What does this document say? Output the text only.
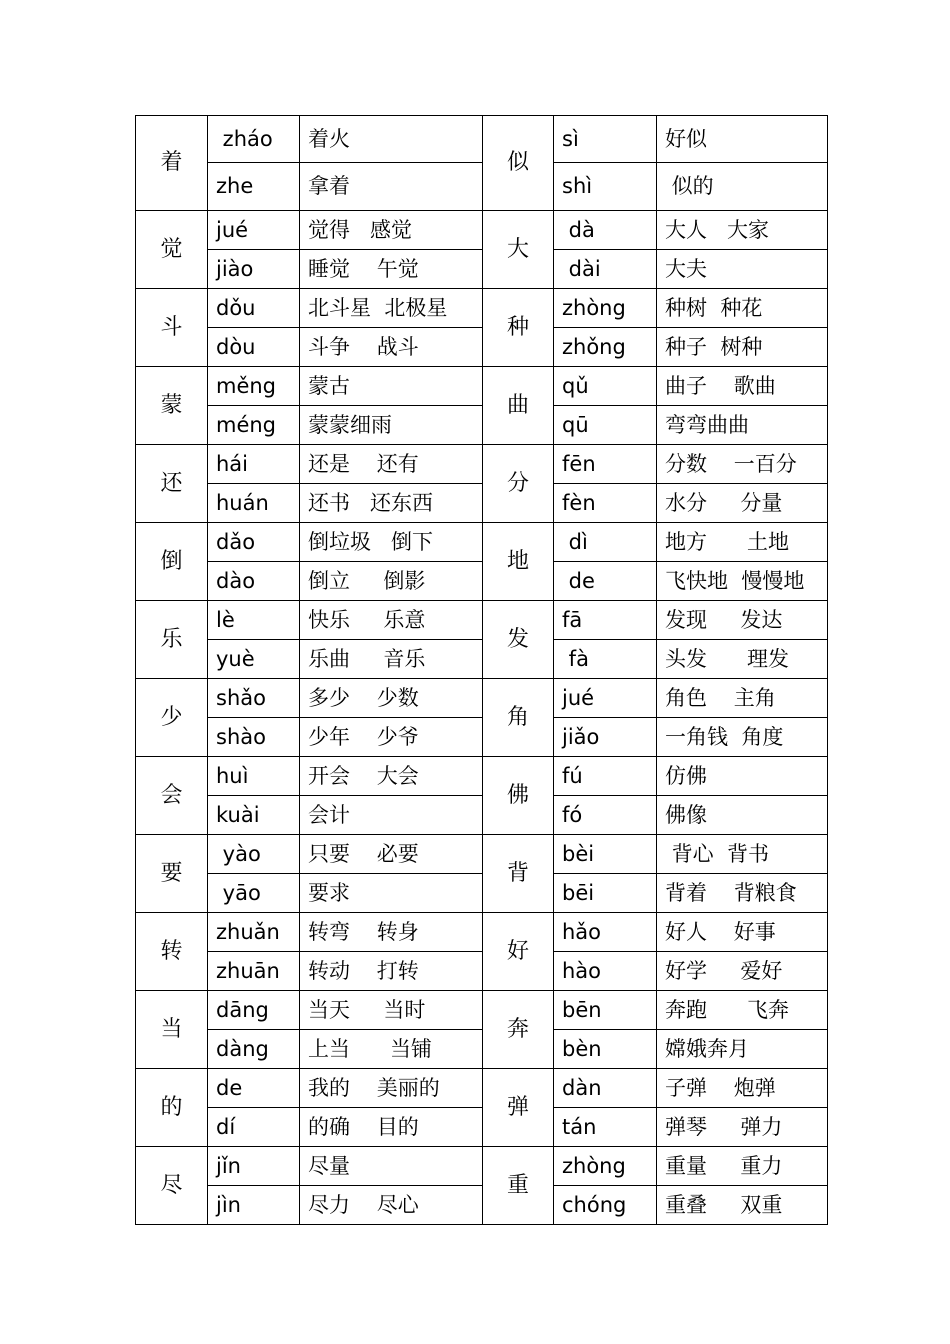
着	zháo	着火	似	sì	好似
	zhe	拿着		shì	似的
觉	jué	觉得   感觉	大	dà	大人   大家
	jiào	睡觉    午觉		dài	大夫
斗	dǒu	北斗星  北极星	种	zhòng	种树  种花
	dòu	斗争    战斗		zhǒng	种子  树种
蒙	měng	蒙古	曲	qǔ	曲子    歌曲
	méng	蒙蒙细雨		qū	弯弯曲曲
还	hái	还是    还有	分	fēn	分数    一百分
	huán	还书   还东西		fèn	水分     分量
倒	dǎo	倒垃圾   倒下	地	dì	地方      土地
	dào	倒立     倒影		de	飞快地  慢慢地
乐	lè	快乐     乐意	发	fā	发现     发达
	yuè	乐曲     音乐		fà	头发      理发
少	shǎo	多少    少数	角	jué	角色    主角
	shào	少年    少爷		jiǎo	一角钱  角度
会	huì	开会    大会	佛	fú	仿佛
	kuài	会计		fó	佛像
要	yào	只要    必要	背	bèi	背心  背书
	yāo	要求		bēi	背着    背粮食
转	zhuǎn	转弯    转身	好	hǎo	好人    好事
	zhuān	转动    打转		hào	好学     爱好
当	dāng	当天     当时	奔	bēn	奔跑      飞奔
	dàng	上当      当铺		bèn	嫦娥奔月
的	de	我的    美丽的	弹	dàn	子弹    炮弹
	dí	的确    目的		tán	弹琴     弹力
尽	jǐn	尽量	重	zhòng	重量     重力
	jìn	尽力    尽心		chóng	重叠     双重
